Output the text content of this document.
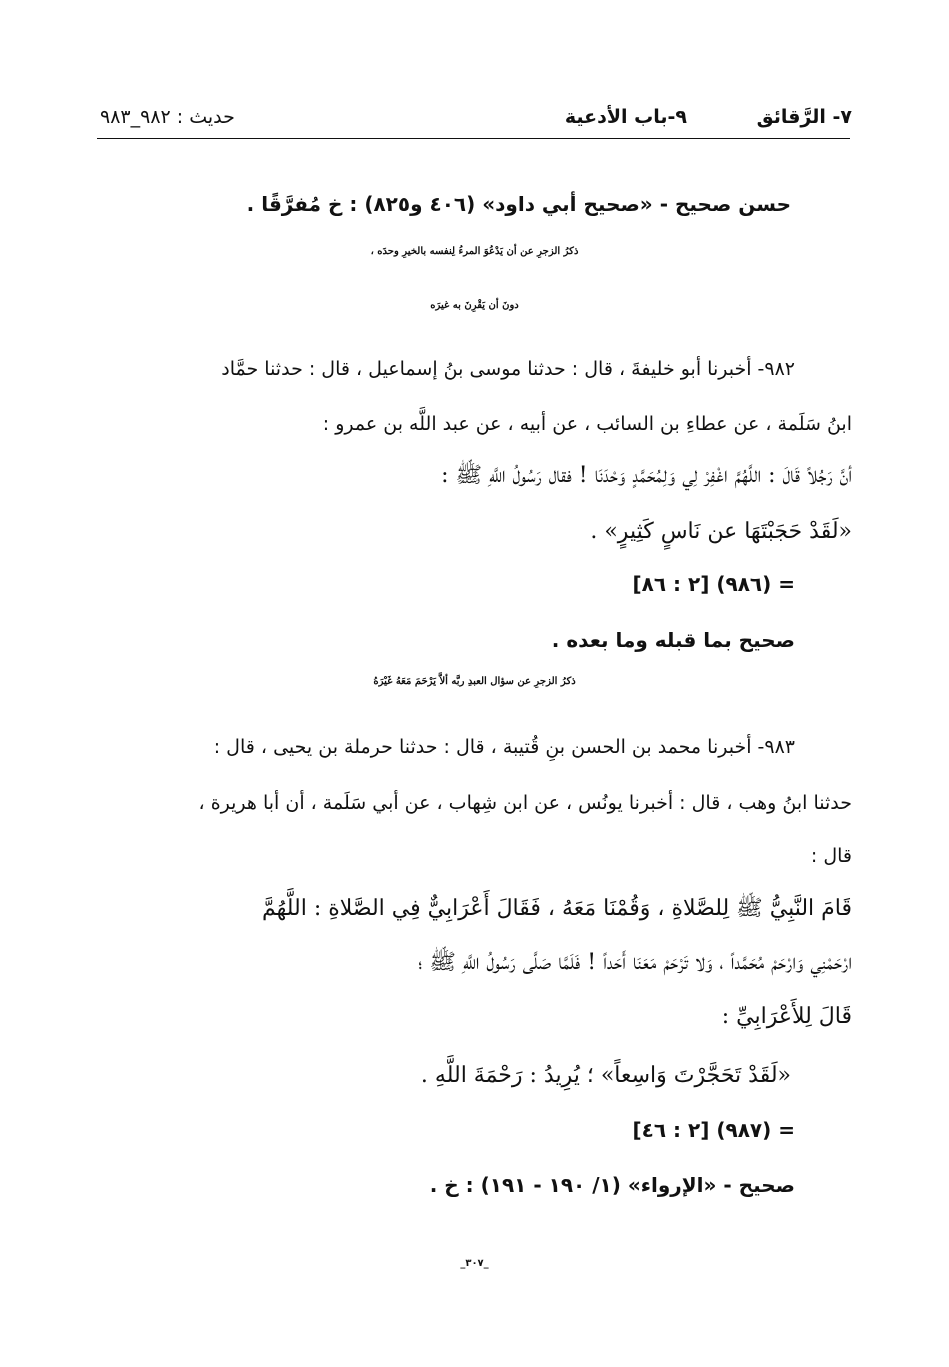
٧- الرَّقائق
٩-باب الأدعية
حديث : ٩٨٢_٩٨٣
حسن صحيح - «صحيح أبي داود» (٤٠٦ و٨٢٥) : خ مُفرَّقًا .
ذكرُ الزجرِ عن أن يَدْعُوَ المرءُ لِنفسه بالخيرِ وحدَه ،
دونَ أن يَقْرِنَ به غيرَه
٩٨٢- أخبرنا أبو خليفةَ ، قال : حدثنا موسى بنُ إسماعيل ، قال : حدثنا حمَّاد
ابنُ سَلَمة ، عن عطاءِ بن السائب ، عن أبيه ، عن عبد اللَّه بن عمرو :
أنَّ رَجُلاً قَالَ : اللَّهُمَّ اغْفِرْ لِي وَلِمُحَمَّدٍ وَحْدَنَا ! فقال رَسُولُ اللَّهِ ﷺ :
«لَقَدْ حَجَبْتَهَا عن نَاسٍ كَثِيرٍ» .
= (٩٨٦) [٢ : ٨٦]
صحيح بما قبله وما بعده .
ذكرُ الزجرِ عن سؤال العبدِ ربَّه ألاَّ يَرْحَمَ مَعَهُ غَيْرَهُ
٩٨٣- أخبرنا محمد بن الحسن بنِ قُتيبة ، قال : حدثنا حرملة بن يحيى ، قال :
حدثنا ابنُ وهب ، قال : أخبرنا يونُس ، عن ابن شِهاب ، عن أبي سَلَمة ، أن أبا هريرة ،
قال :
قَامَ النَّبِيُّ ﷺ لِلصَّلاةِ ، وَقُمْنَا مَعَهُ ، فَقَالَ أَعْرَابِيٌّ فِي الصَّلاةِ : اللَّهُمَّ
ارْحَمْنِي وَارْحَمْ مُحَمَّداً ، وَلا تَرْحَمْ مَعَنَا أَحَداً ! فَلَمَّا صَلَّى رَسُولُ اللَّهِ ﷺ ؛
قَالَ لِلأَعْرَابِيِّ :
«لَقَدْ تَحَجَّرْتَ وَاسِعاً» ؛ يُرِيدُ : رَحْمَةَ اللَّهِ .
= (٩٨٧) [٢ : ٤٦]
صحيح - «الإرواء» (١/ ١٩٠ - ١٩١) : خ .
_٣٠٧_
